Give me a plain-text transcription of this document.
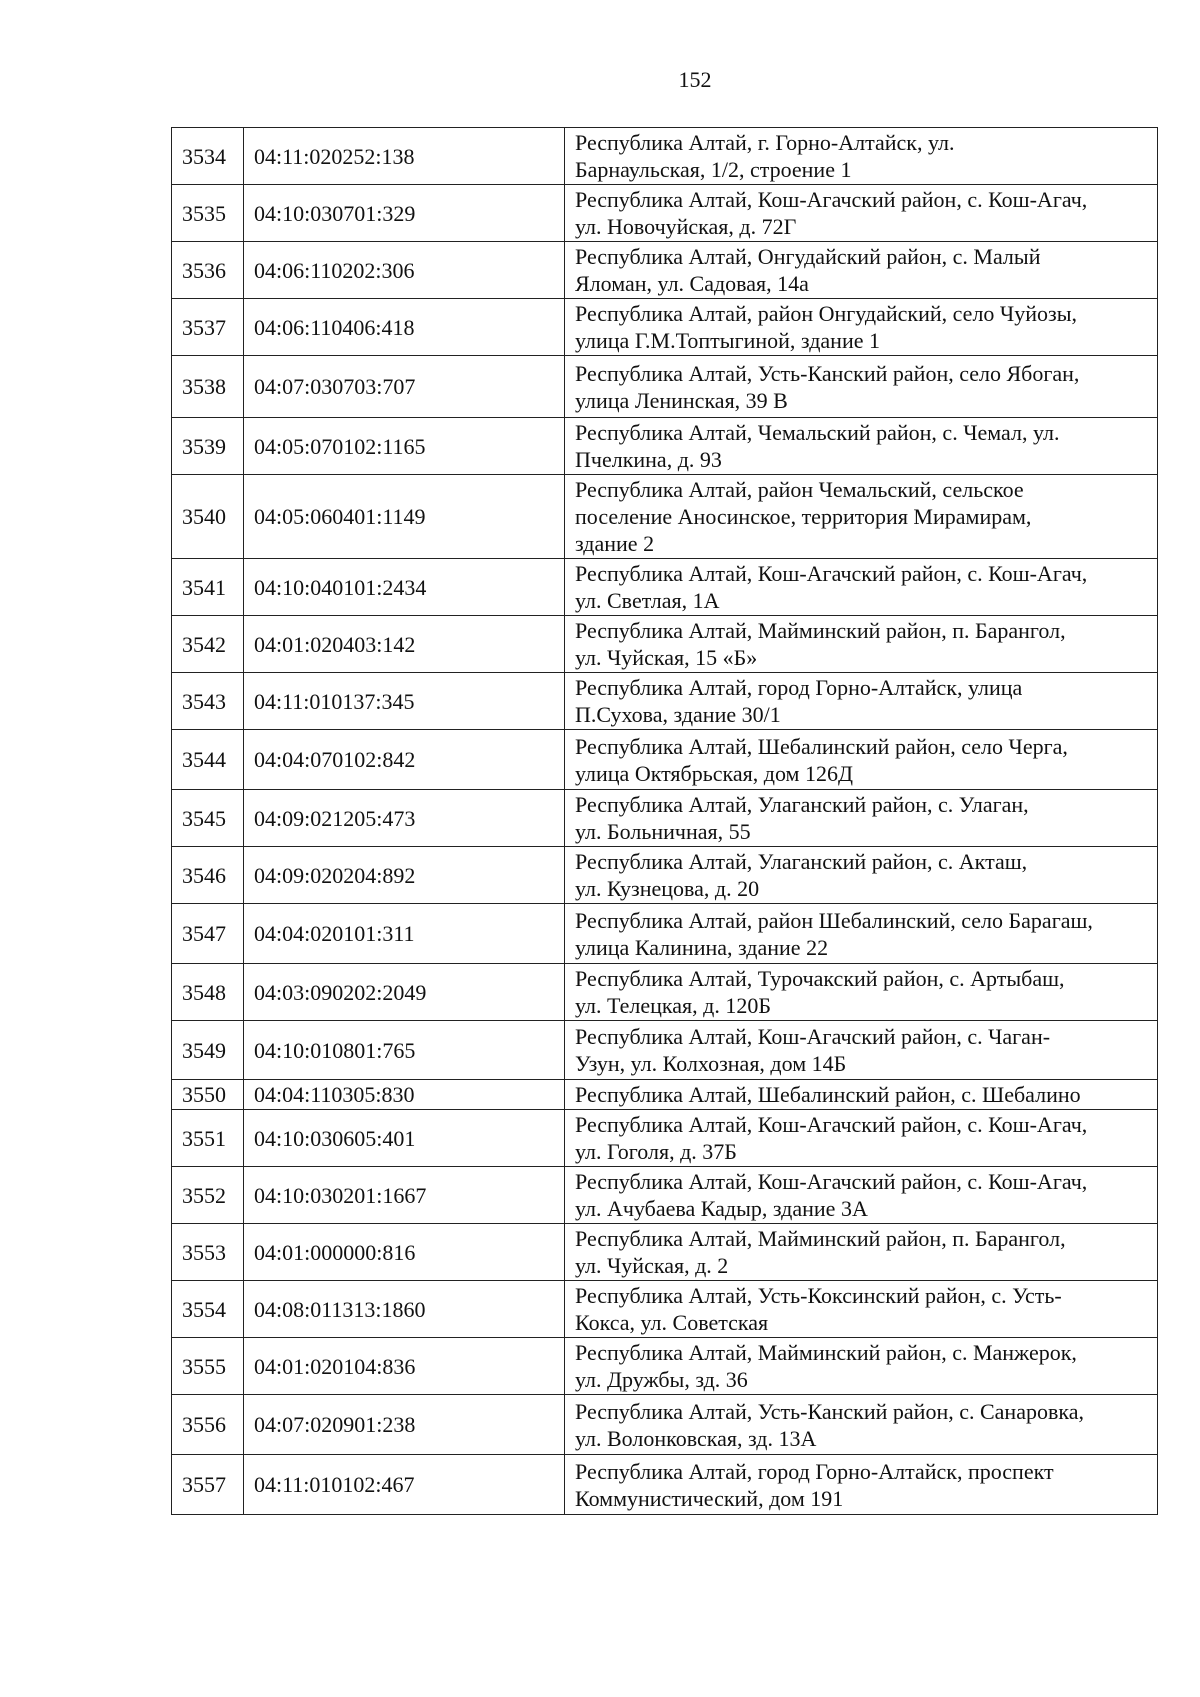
152
3534	04:11:020252:138	Республика Алтай, г. Горно-Алтайск, ул.
Барнаульская, 1/2, строение 1

3535	04:10:030701:329	Республика Алтай, Кош-Агачский район, с. Кош-Агач,
ул. Новочуйская, д. 72Г

3536	04:06:110202:306	Республика Алтай, Онгудайский район, с. Малый
Яломан, ул. Садовая, 14а

3537	04:06:110406:418	Республика Алтай, район Онгудайский, село Чуйозы,
улица Г.М.Топтыгиной, здание 1

3538	04:07:030703:707	Республика Алтай, Усть-Канский район, село Ябоган,
улица Ленинская, 39 В

3539	04:05:070102:1165	Республика Алтай, Чемальский район, с. Чемал, ул.
Пчелкина, д. 93

3540	04:05:060401:1149	Республика Алтай, район Чемальский, сельское
поселение Аносинское, территория Мирамирам,
здание 2

3541	04:10:040101:2434	Республика Алтай, Кош-Агачский район, с. Кош-Агач,
ул. Светлая, 1А

3542	04:01:020403:142	Республика Алтай, Майминский район, п. Барангол,
ул. Чуйская, 15 «Б»

3543	04:11:010137:345	Республика Алтай, город Горно-Алтайск, улица
П.Сухова, здание 30/1

3544	04:04:070102:842	Республика Алтай, Шебалинский район, село Черга,
улица Октябрьская, дом 126Д

3545	04:09:021205:473	Республика Алтай, Улаганский район, с. Улаган,
ул. Больничная, 55

3546	04:09:020204:892	Республика Алтай, Улаганский район, с. Акташ,
ул. Кузнецова, д. 20

3547	04:04:020101:311	Республика Алтай, район Шебалинский, село Барагаш,
улица Калинина, здание 22

3548	04:03:090202:2049	Республика Алтай, Турочакский район, с. Артыбаш,
ул. Телецкая, д. 120Б

3549	04:10:010801:765	Республика Алтай, Кош-Агачский район, с. Чаган-
Узун, ул. Колхозная, дом 14Б

3550	04:04:110305:830	Республика Алтай, Шебалинский район, с. Шебалино

3551	04:10:030605:401	Республика Алтай, Кош-Агачский район, с. Кош-Агач,
ул. Гоголя, д. 37Б

3552	04:10:030201:1667	Республика Алтай, Кош-Агачский район, с. Кош-Агач,
ул. Ачубаева Кадыр, здание 3А

3553	04:01:000000:816	Республика Алтай, Майминский район, п. Барангол,
ул. Чуйская, д. 2

3554	04:08:011313:1860	Республика Алтай, Усть-Коксинский район, с. Усть-
Кокса, ул. Советская

3555	04:01:020104:836	Республика Алтай, Майминский район, с. Манжерок,
ул. Дружбы, зд. 36

3556	04:07:020901:238	Республика Алтай, Усть-Канский район, с. Санаровка,
ул. Волонковская, зд. 13А

3557	04:11:010102:467	Республика Алтай, город Горно-Алтайск, проспект
Коммунистический, дом 191
